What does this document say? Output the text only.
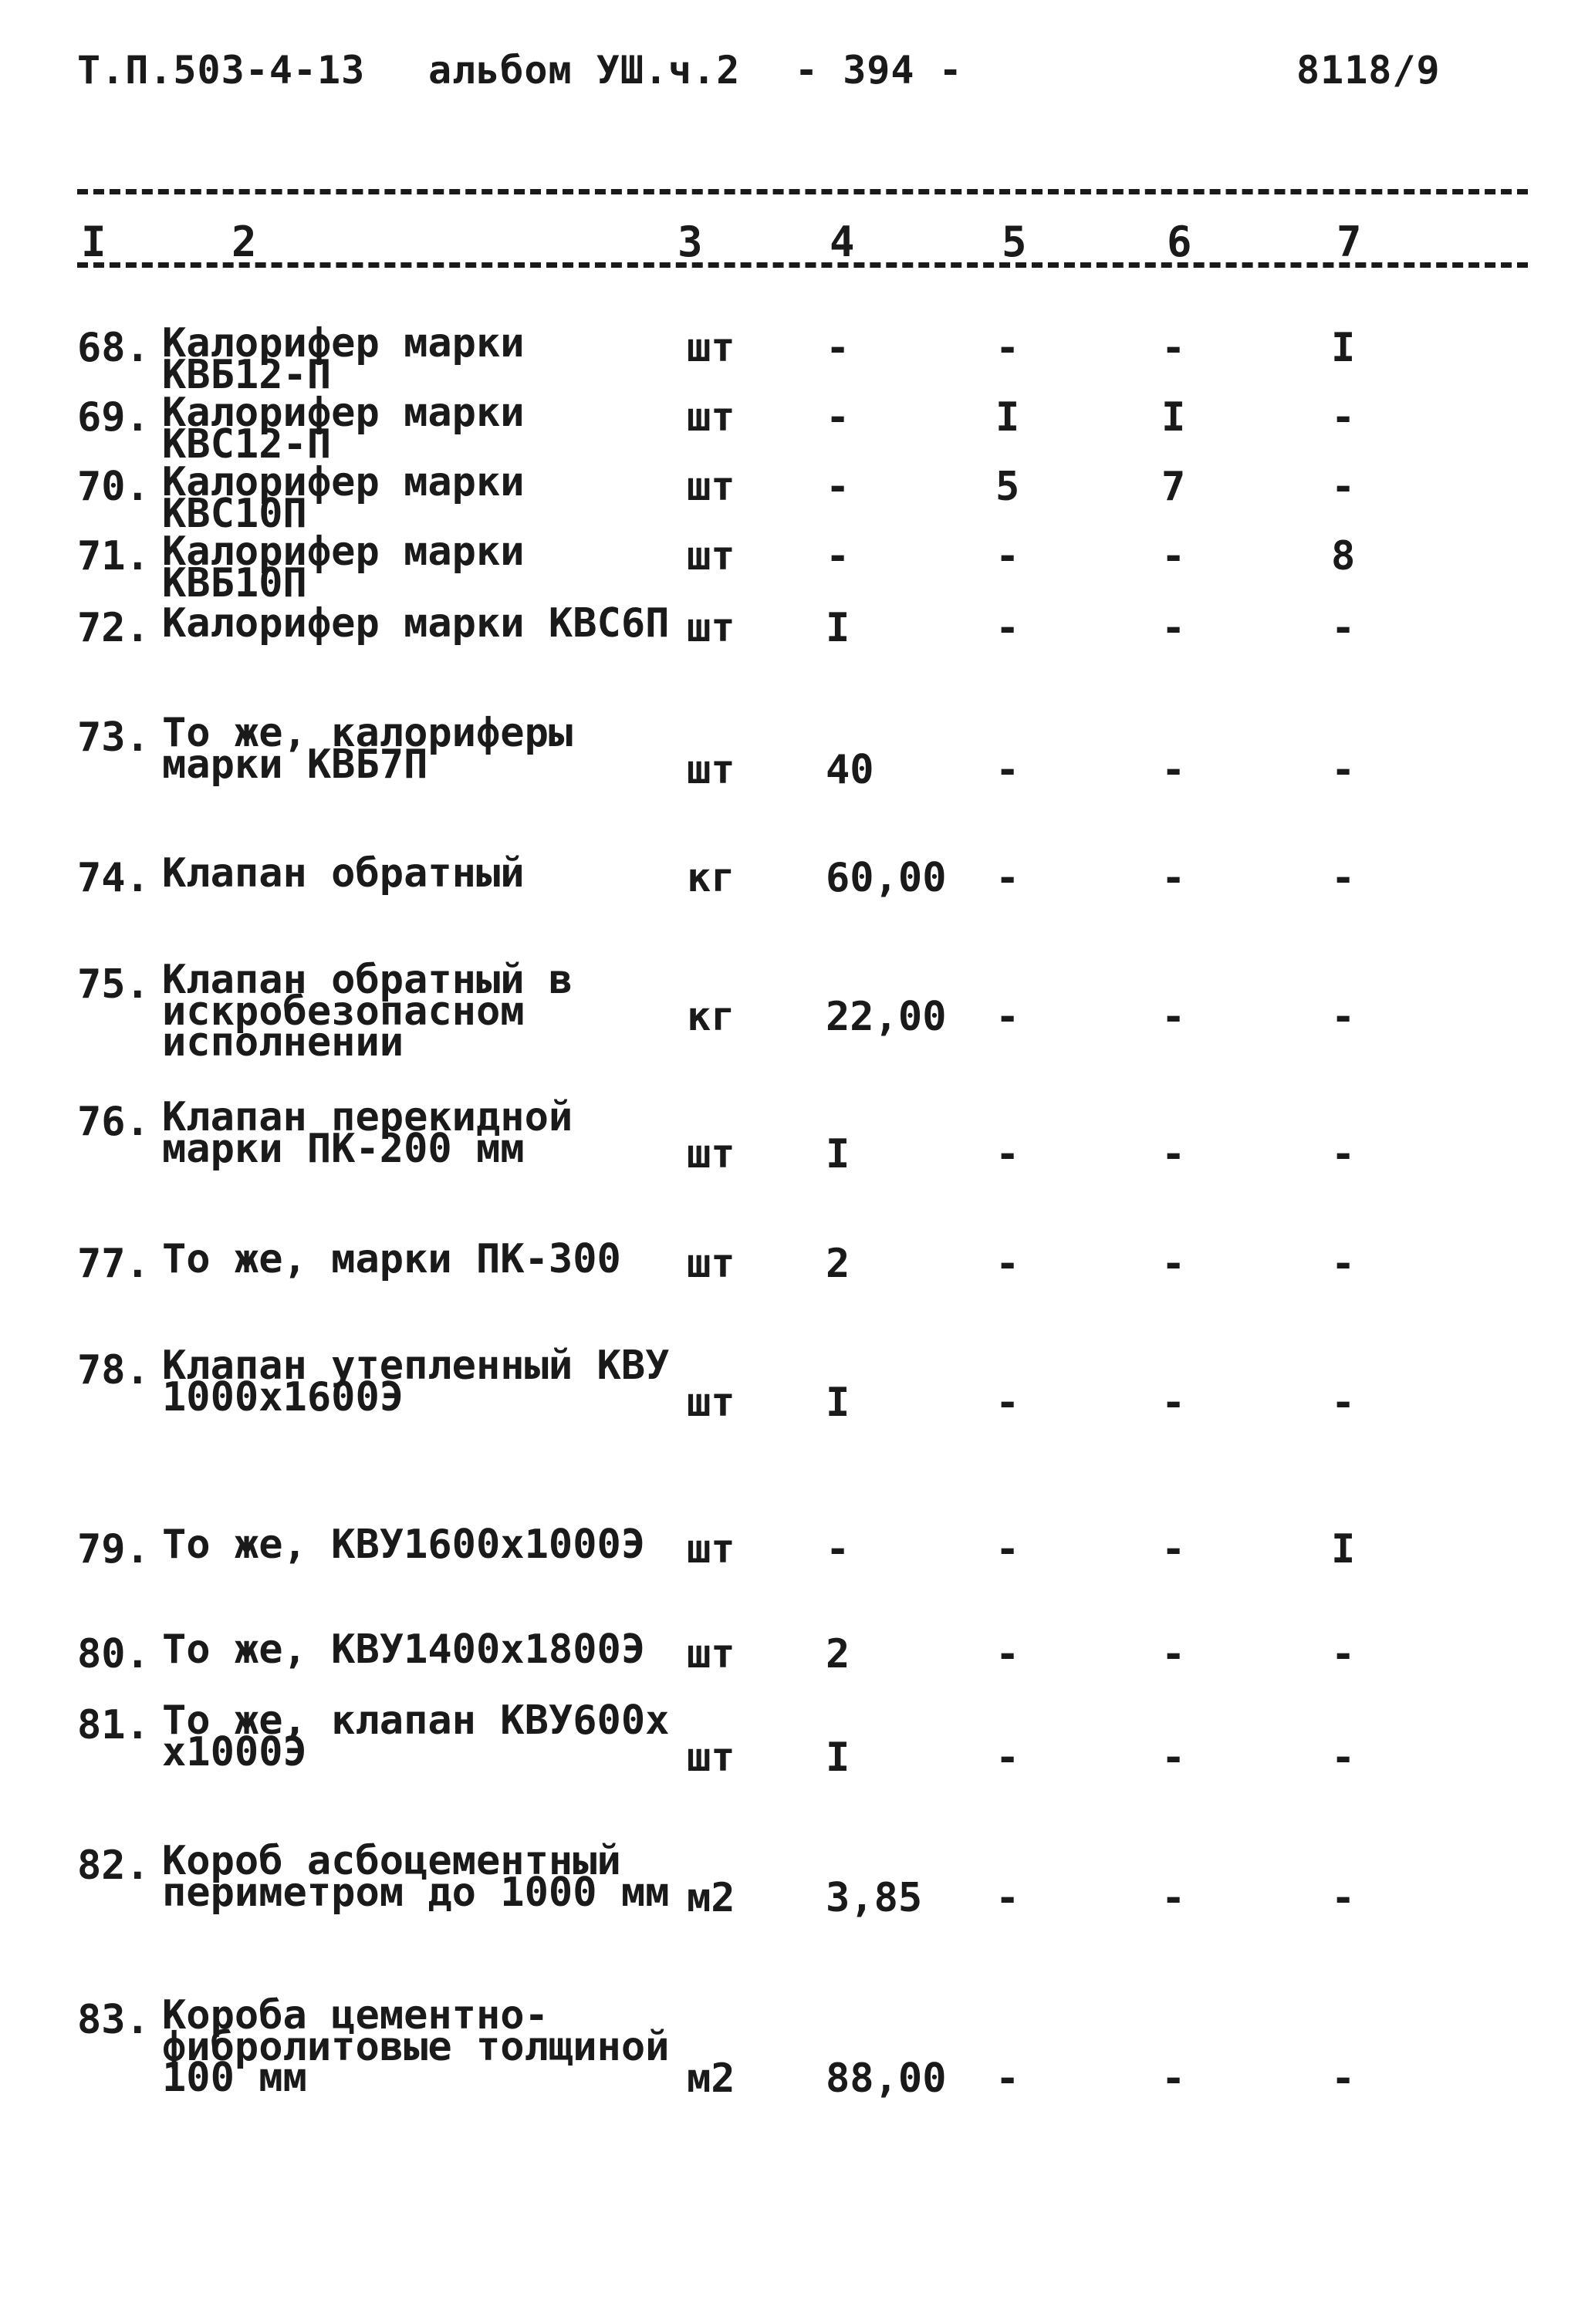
Т.П.503-4-13 альбом УШ.ч.2 - 394 -	8118/9
I	2	3	4	5	6	7
68. Калорифер марки КВБ12-П
шт -	-	-	I
69. Калорифер марки КВС12-П
шт -	I	I	-
70. Калорифер марки КВС10П
шт -	5	7	-
71. Калорифер марки КВБ10П
шт -	-	-	8
72. Калорифер марки КВС6П шт I	-	-	-
73. То же, калориферы марки КВБ7П	шт 40	-	-	-
74. Клапан обратный	кг 60,00	-	-	-
75. Клапан обратный в искробезопасном исполнении
кг 22,00	-	-	-
76. Клапан перекидной марки ПК-200 мм	шт I	-	-	-
77. То же, марки ПК-300	шт 2	-	-	-
78. Клапан утепленный КВУ 1000х1600Э	шт I	-	-	-
79. То же, КВУ1600х1000Э	шт -	-	-	I
80. То же, КВУ1400х1800Э	шт 2	-	-	-
81. То же, клапан КВУ600х х1000Э	шт I	-	-	-
82. Короб асбоцементный периметром до 1000 мм м2 3,85	-	-	-
83. Короба цементно-фибролитовые толщиной 100 мм	м2 88,00	-	-	-
